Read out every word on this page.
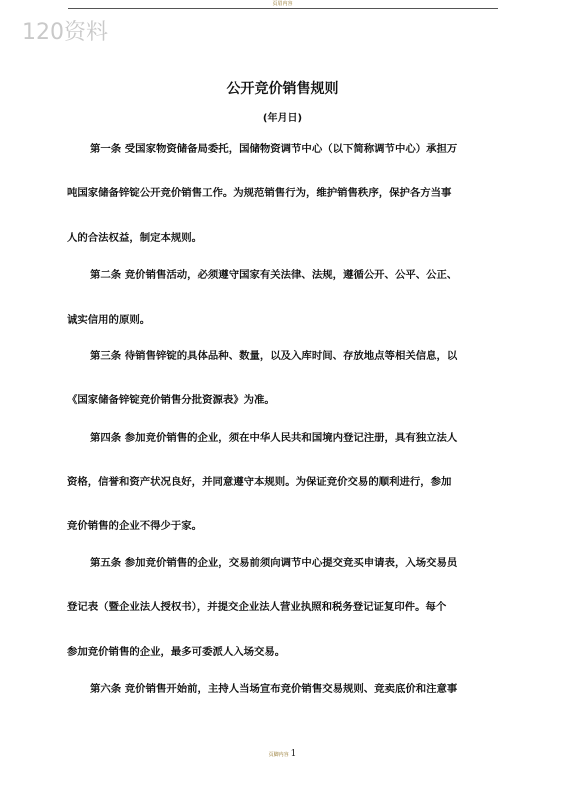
页眉内容
120资料
公开竞价销售规则
(年月日)
第一条 受国家物资储备局委托，国储物资调节中心（以下简称调节中心）承担万
吨国家储备锌锭公开竞价销售工作。为规范销售行为，维护销售秩序，保护各方当事
人的合法权益，制定本规则。
第二条 竞价销售活动，必须遵守国家有关法律、法规，遵循公开、公平、公正、
诚实信用的原则。
第三条 待销售锌锭的具体品种、数量，以及入库时间、存放地点等相关信息，以
《国家储备锌锭竞价销售分批资源表》为准。
第四条 参加竞价销售的企业，须在中华人民共和国境内登记注册，具有独立法人
资格，信誉和资产状况良好，并同意遵守本规则。为保证竞价交易的顺利进行，参加
竞价销售的企业不得少于家。
第五条 参加竞价销售的企业，交易前须向调节中心提交竞买申请表，入场交易员
登记表（暨企业法人授权书），并提交企业法人营业执照和税务登记证复印件。每个
参加竞价销售的企业，最多可委派人入场交易。
第六条 竞价销售开始前，主持人当场宣布竞价销售交易规则、竞卖底价和注意事
页脚内容 1
